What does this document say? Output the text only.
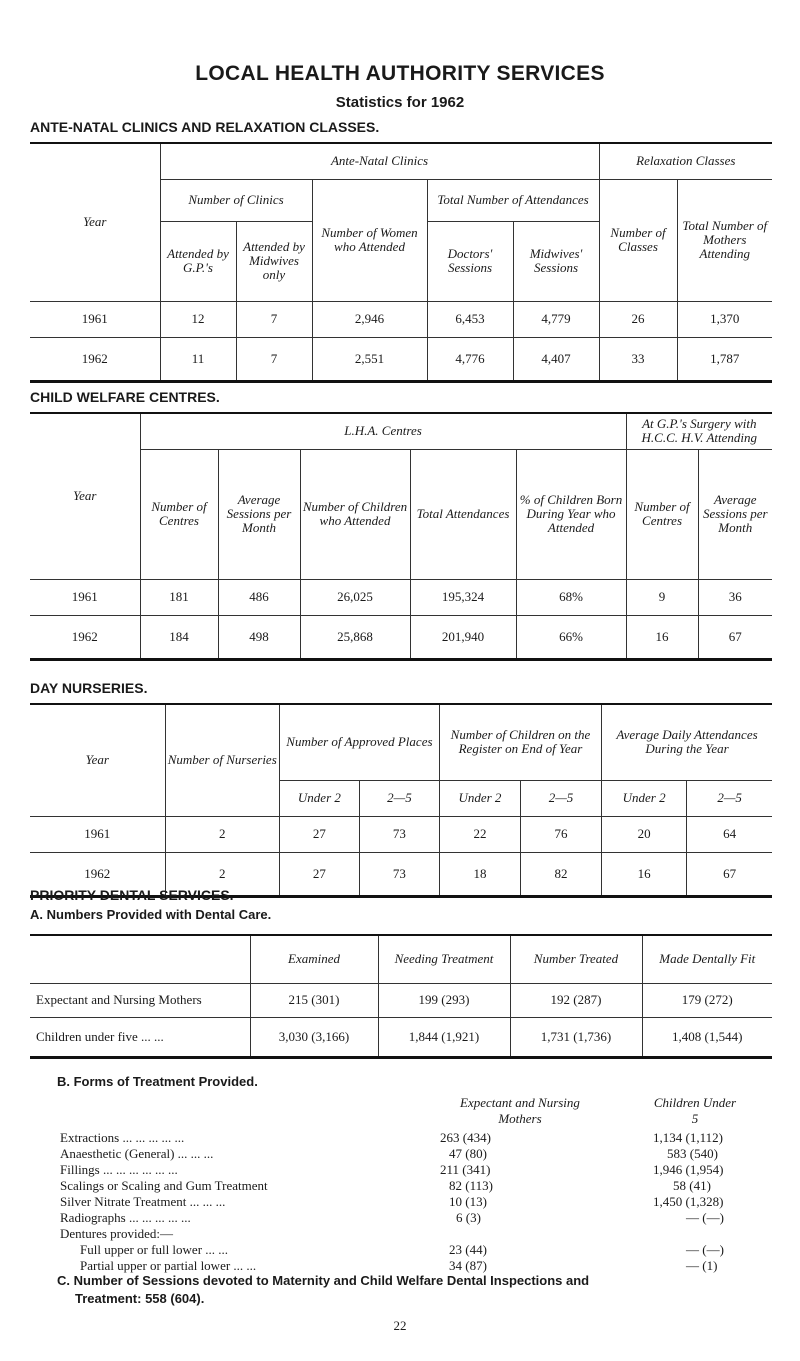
LOCAL HEALTH AUTHORITY SERVICES
Statistics for 1962
ANTE-NATAL CLINICS AND RELAXATION CLASSES.
Year	Ante-Natal Clinics					Relaxation Classes	
	Number of Clinics		Number of Women who Attended	Total Number of Attendances		Number of Classes	Total Number of Mothers Attending
	Attended by G.P.'s	Attended by Midwives only		Doctors' Sessions	Midwives' Sessions		
1961	12	7	2,946	6,453	4,779	26	1,370
1962	11	7	2,551	4,776	4,407	33	1,787
CHILD WELFARE CENTRES.
Year	L.H.A. Centres					At G.P.'s Surgery with H.C.C. H.V. Attending	
	Number of Centres	Average Sessions per Month	Number of Children who Attended	Total Attendances	% of Children Born During Year who Attended	Number of Centres	Average Sessions per Month
1961	181	486	26,025	195,324	68%	9	36
1962	184	498	25,868	201,940	66%	16	67
DAY NURSERIES.
Year	Number of Nurseries	Number of Approved Places		Number of Children on the Register on End of Year		Average Daily Attendances During the Year	
		Under 2	2—5	Under 2	2—5	Under 2	2—5
1961	2	27	73	22	76	20	64
1962	2	27	73	18	82	16	67
PRIORITY DENTAL SERVICES.
A. Numbers Provided with Dental Care.
	Examined	Needing Treatment	Number Treated	Made Dentally Fit
Expectant and Nursing Mothers	215 (301)	199 (293)	192 (287)	179 (272)
Children under five ... ...	3,030 (3,166)	1,844 (1,921)	1,731 (1,736)	1,408 (1,544)
B. Forms of Treatment Provided.
Expectant and Nursing Mothers
Children Under 5
Extractions ... ... ... ... ...	263 (434)	1,134 (1,112)
Anaesthetic (General) ... ... ...	47 (80)	583 (540)
Fillings ... ... ... ... ... ...	211 (341)	1,946 (1,954)
Scalings or Scaling and Gum Treatment	82 (113)	58 (41)
Silver Nitrate Treatment ... ... ...	10 (13)	1,450 (1,328)
Radiographs ... ... ... ... ...	6 (3)	— (—)
Dentures provided:—
Full upper or full lower ... ...	23 (44)	— (—)
Partial upper or partial lower ... ...	34 (87)	— (1)
C. Number of Sessions devoted to Maternity and Child Welfare Dental Inspections and
Treatment: 558 (604).
22
